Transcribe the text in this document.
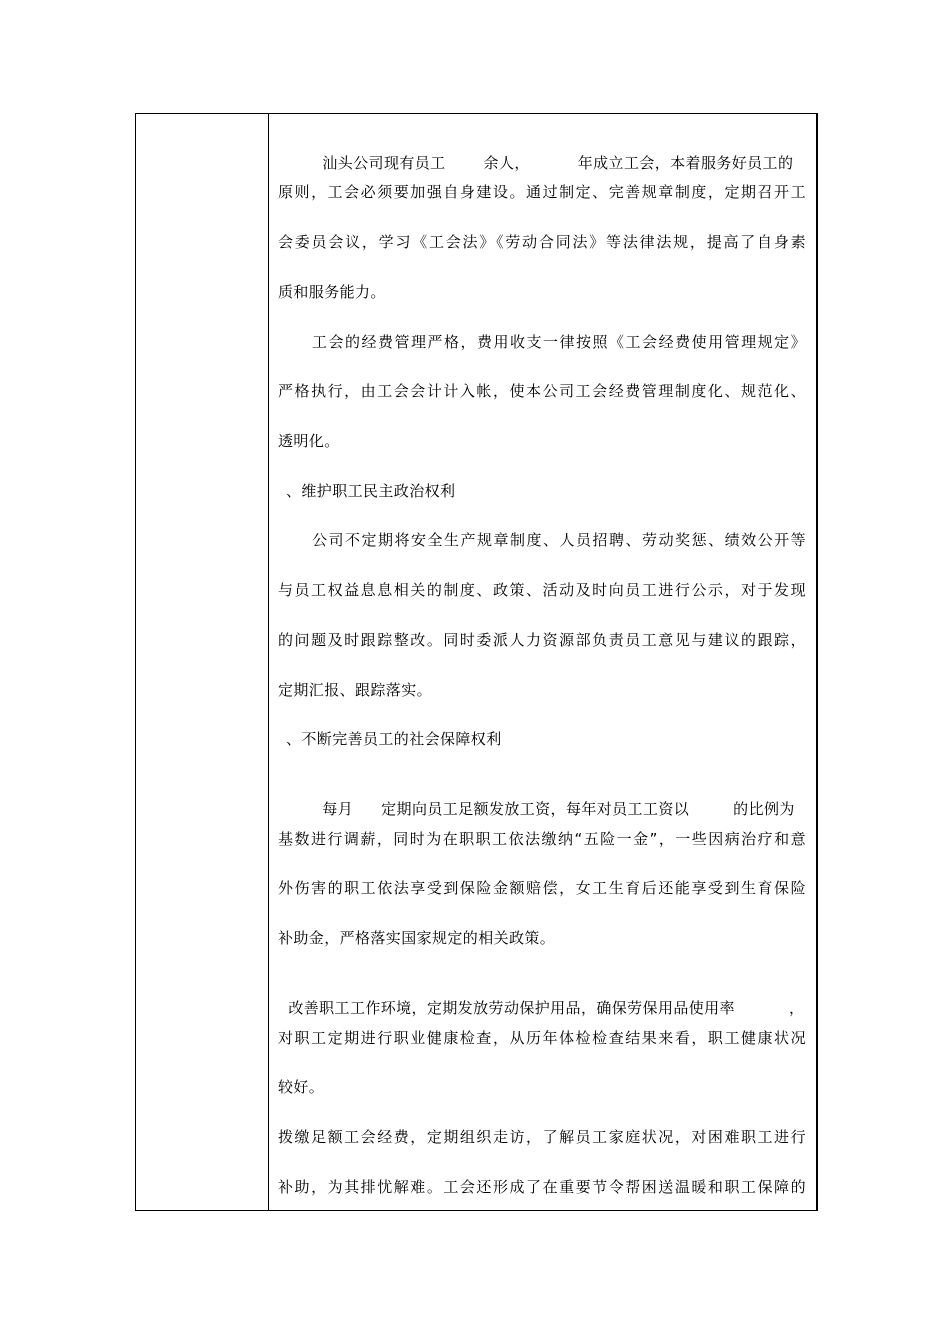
汕头公司现有员工	余人，	年成立工会，本着服务好员工的

原则，工会必须要加强自身建设。通过制定、完善规章制度，定期召开工
会委员会议，学习《工会法》《劳动合同法》等法律法规，提高了自身素
质和服务能力。
工会的经费管理严格，费用收支一律按照《工会经费使用管理规定》
严格执行，由工会会计计入帐，使本公司工会经费管理制度化、规范化、
透明化。
、维护职工民主政治权利
公司不定期将安全生产规章制度、人员招聘、劳动奖惩、绩效公开等
与员工权益息息相关的制度、政策、活动及时向员工进行公示，对于发现
的问题及时跟踪整改。同时委派人力资源部负责员工意见与建议的跟踪，
定期汇报、跟踪落实。
、不断完善员工的社会保障权利

每月 定期向员工足额发放工资，每年对员工工资以	的比例为

基数进行调薪，同时为在职职工依法缴纳“五险一金”，一些因病治疗和意
外伤害的职工依法享受到保险金额赔偿，女工生育后还能享受到生育保险
补助金，严格落实国家规定的相关政策。

改善职工工作环境，定期发放劳动保护用品，确保劳保用品使用率	，

对职工定期进行职业健康检查，从历年体检检查结果来看，职工健康状况
较好。
拨缴足额工会经费，定期组织走访，了解员工家庭状况，对困难职工进行
补助，为其排忧解难。工会还形成了在重要节令帮困送温暖和职工保障的
